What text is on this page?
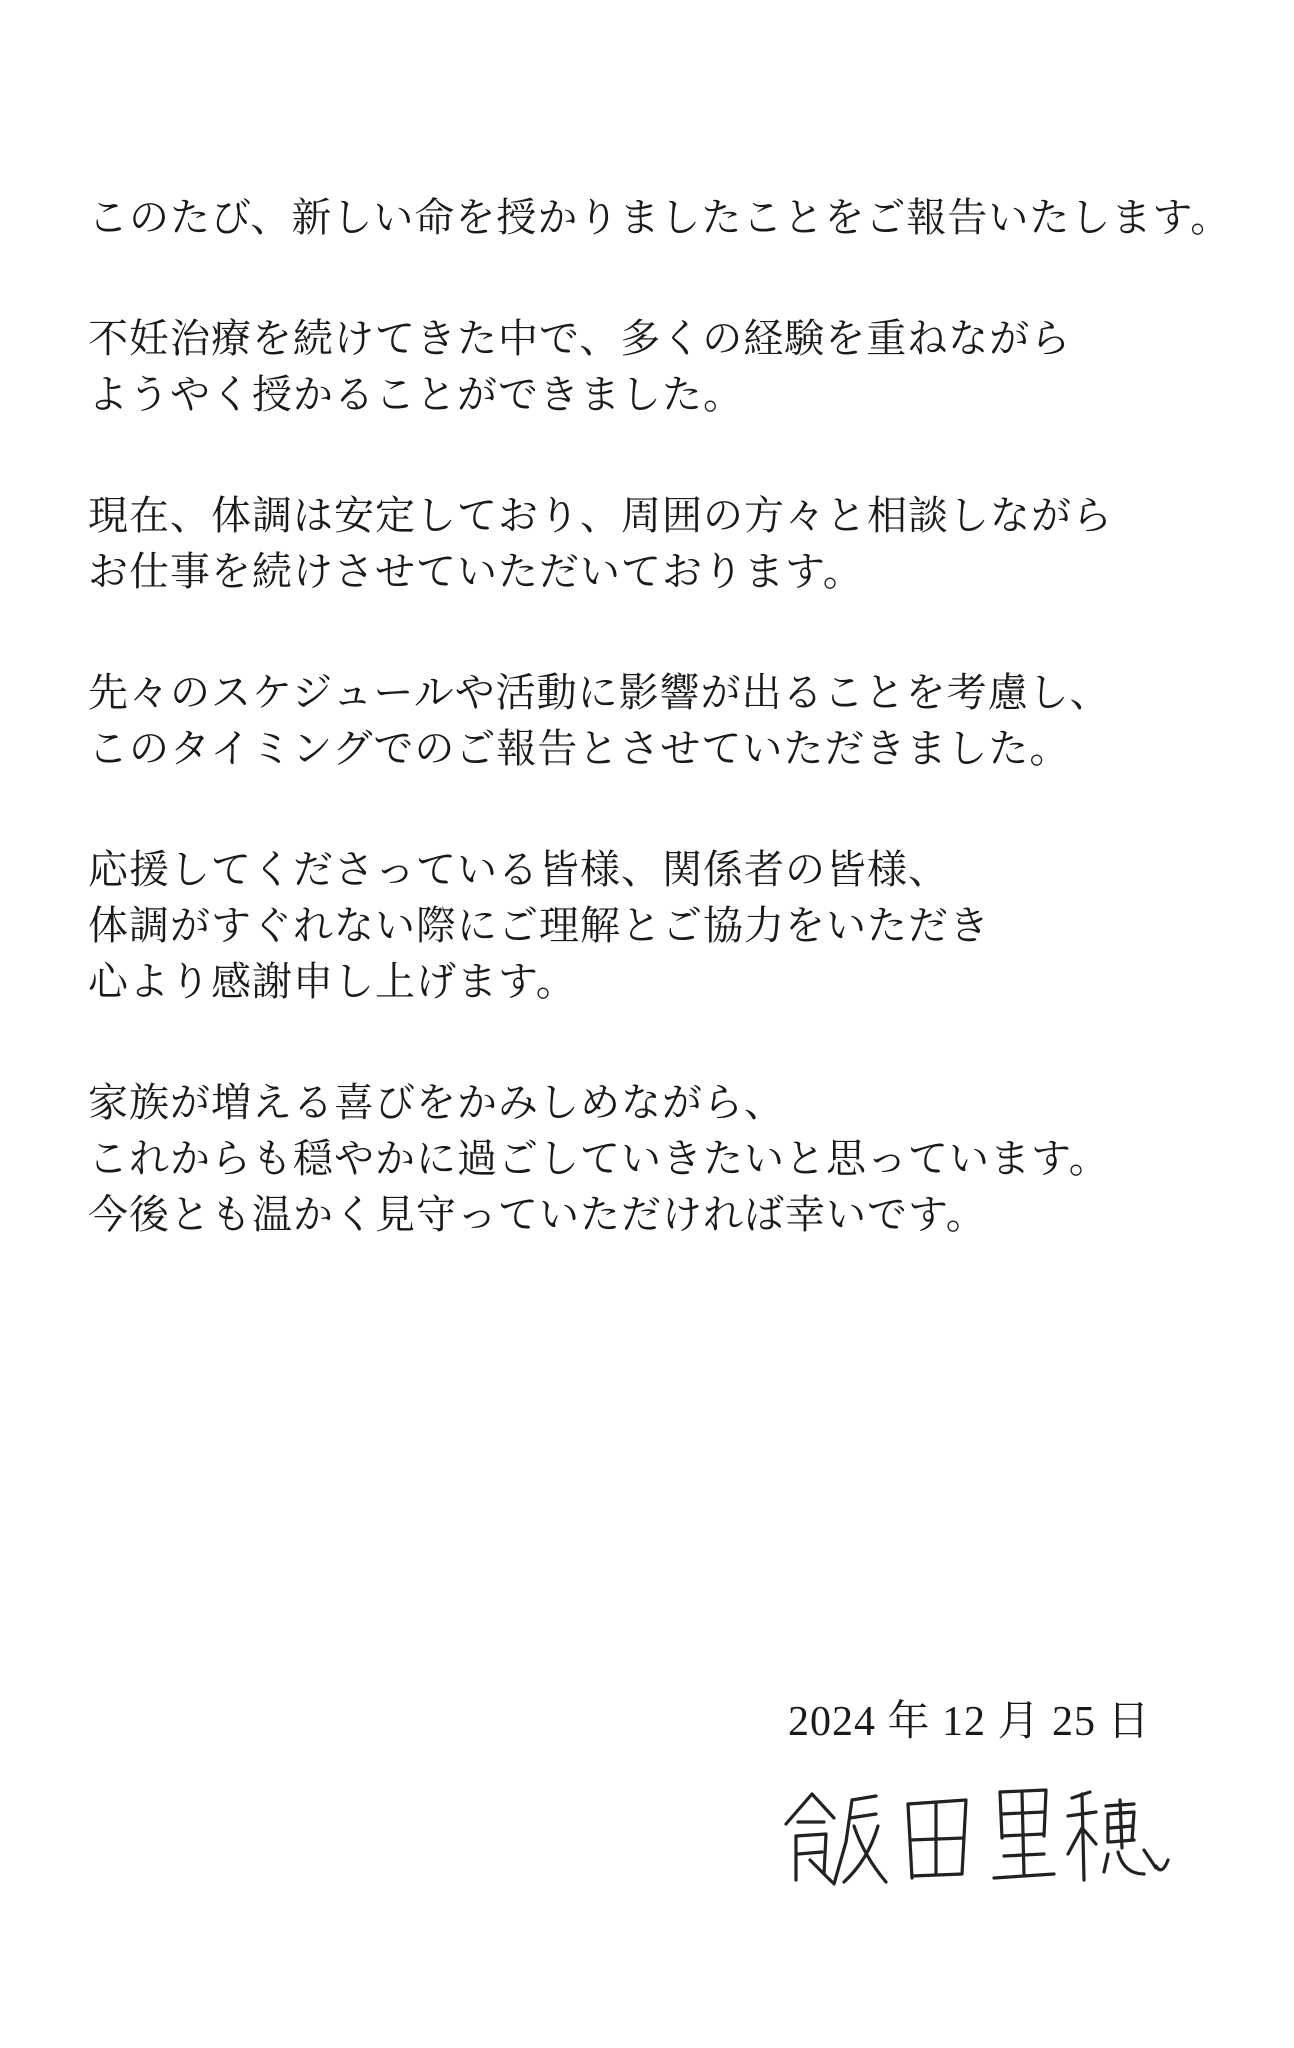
このたび、新しい命を授かりましたことをご報告いたします。
不妊治療を続けてきた中で、多くの経験を重ねながら
ようやく授かることができました。
現在、体調は安定しており、周囲の方々と相談しながら
お仕事を続けさせていただいております。
先々のスケジュールや活動に影響が出ることを考慮し、
このタイミングでのご報告とさせていただきました。
応援してくださっている皆様、関係者の皆様、
体調がすぐれない際にご理解とご協力をいただき
心より感謝申し上げます。
家族が増える喜びをかみしめながら、
これからも穏やかに過ごしていきたいと思っています。
今後とも温かく見守っていただければ幸いです。
2024 年 12 月 25 日
